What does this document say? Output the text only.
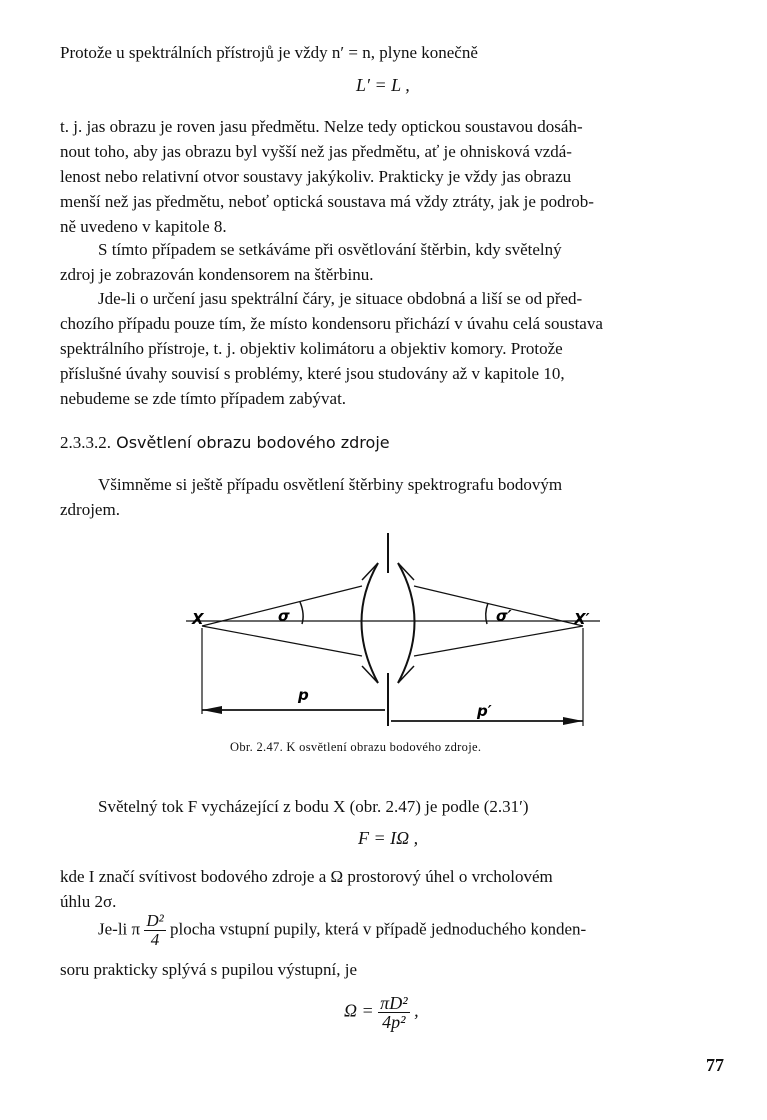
Protože u spektrálních přístrojů je vždy n′ = n, plyne konečně
L′ = L ,
t. j. jas obrazu je roven jasu předmětu. Nelze tedy optickou soustavou dosáh-
nout toho, aby jas obrazu byl vyšší než jas předmětu, ať je ohnisková vzdá-
lenost nebo relativní otvor soustavy jakýkoliv. Prakticky je vždy jas obrazu
menší než jas předmětu, neboť optická soustava má vždy ztráty, jak je podrob-
ně uvedeno v kapitole 8.
S tímto případem se setkáváme při osvětlování štěrbin, kdy světelný
zdroj je zobrazován kondensorem na štěrbinu.
Jde-li o určení jasu spektrální čáry, je situace obdobná a liší se od před-
chozího případu pouze tím, že místo kondensoru přichází v úvahu celá soustava
spektrálního přístroje, t. j. objektiv kolimátoru a objektiv komory. Protože
příslušné úvahy souvisí s problémy, které jsou studovány až v kapitole 10,
nebudeme se zde tímto případem zabývat.
2.3.3.2. Osvětlení obrazu bodového zdroje
Všimněme si ještě případu osvětlení štěrbiny spektrografu bodovým
zdrojem.
X	X′
σ	σ′
p
p′
Obr. 2.47. K osvětlení obrazu bodového zdroje.
Světelný tok F vycházející z bodu X (obr. 2.47) je podle (2.31′)
F = IΩ ,
kde I značí svítivost bodového zdroje a Ω prostorový úhel o vrcholovém
úhlu 2σ.
Je-li π $\frac{\text{D²}}{4}$ plocha vstupní pupily, která v případě jednoduchého konden-
soru prakticky splývá s pupilou výstupní, je
$\Omega = \frac{\text{πD²}}{\text{4p²}}$ ,
77
